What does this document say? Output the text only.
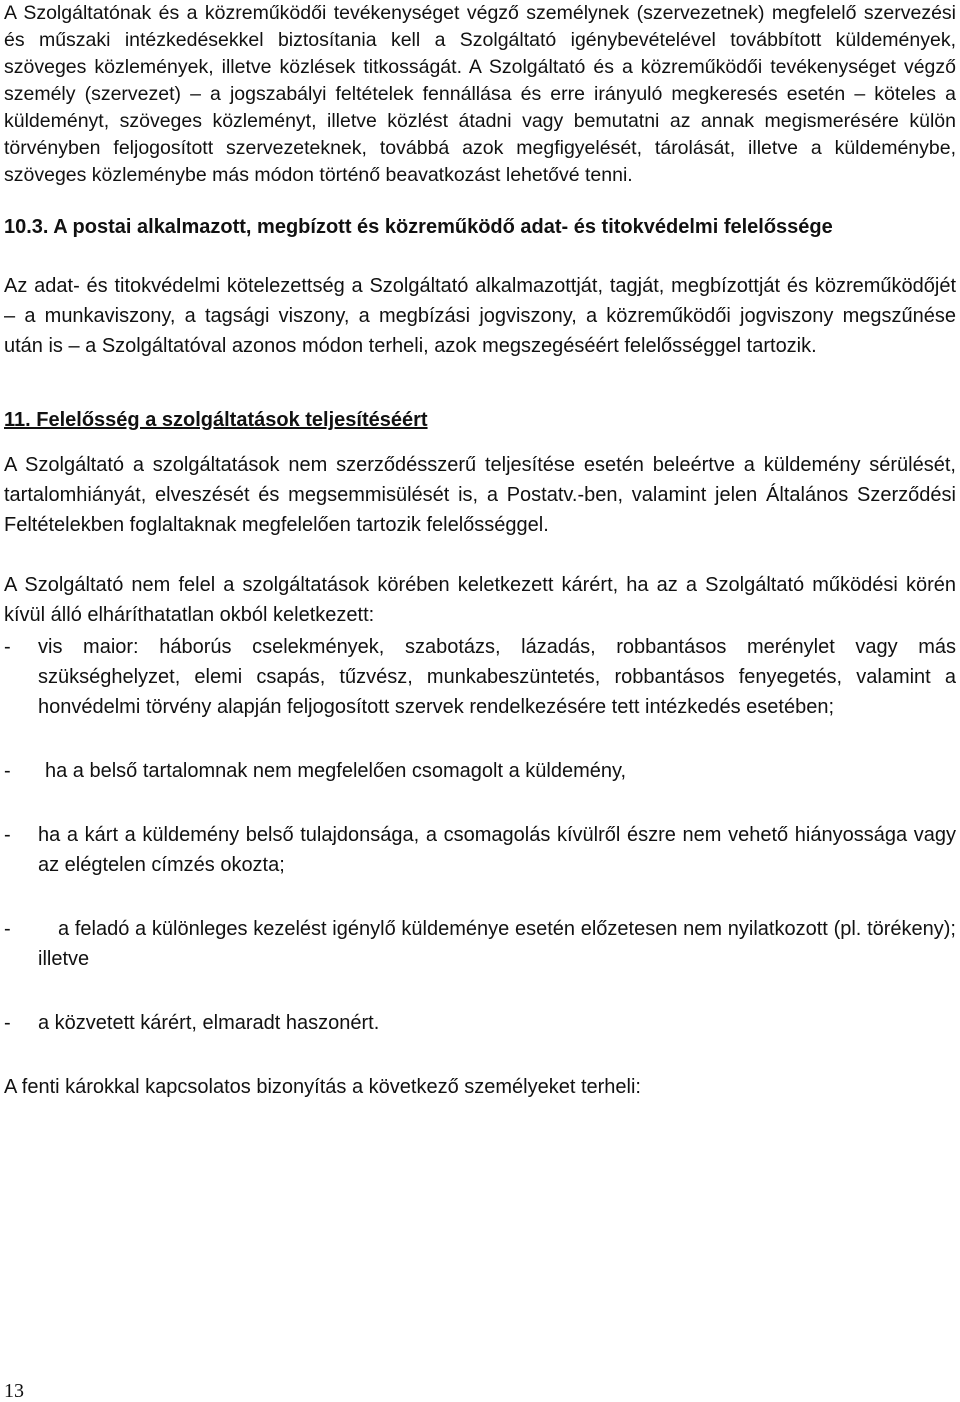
A Szolgáltatónak és a közreműködői tevékenységet végző személynek (szervezetnek) megfelelő szervezési és műszaki intézkedésekkel biztosítania kell a Szolgáltató igénybevételével továbbított küldemények, szöveges közlemények, illetve közlések titkosságát. A Szolgáltató és a közreműködői tevékenységet végző személy (szervezet) – a jogszabályi feltételek fennállása és erre irányuló megkeresés esetén – köteles a küldeményt, szöveges közleményt, illetve közlést átadni vagy bemutatni az annak megismerésére külön törvényben feljogosított szervezeteknek, továbbá azok megfigyelését, tárolását, illetve a küldeménybe, szöveges közleménybe más módon történő beavatkozást lehetővé tenni.

10.3. A postai alkalmazott, megbízott és közreműködő adat- és titokvédelmi felelőssége

Az adat- és titokvédelmi kötelezettség a Szolgáltató alkalmazottját, tagját, megbízottját és közreműködőjét – a munkaviszony, a tagsági viszony, a megbízási jogviszony, a közreműködői jogviszony megszűnése után is – a Szolgáltatóval azonos módon terheli, azok megszegéséért felelősséggel tartozik.

11. Felelősség a szolgáltatások teljesítéséért

A Szolgáltató a szolgáltatások nem szerződésszerű teljesítése esetén beleértve a küldemény sérülését, tartalomhiányát, elveszését és megsemmisülését is, a Postatv.-ben, valamint jelen Általános Szerződési Feltételekben foglaltaknak megfelelően tartozik felelősséggel.

A Szolgáltató nem felel a szolgáltatások körében keletkezett kárért, ha az a Szolgáltató működési körén kívül álló elháríthatatlan okból keletkezett:

- vis maior: háborús cselekmények, szabotázs, lázadás, robbantásos merénylet vagy más szükséghelyzet, elemi csapás, tűzvész, munkabeszüntetés, robbantásos fenyegetés, valamint a honvédelmi törvény alapján feljogosított szervek rendelkezésére tett intézkedés esetében;

- ha a belső tartalomnak nem megfelelően csomagolt a küldemény,

- ha a kárt a küldemény belső tulajdonsága, a csomagolás kívülről észre nem vehető hiányossága vagy az elégtelen címzés okozta;

- a feladó a különleges kezelést igénylő küldeménye esetén előzetesen nem nyilatkozott (pl. törékeny); illetve

- a közvetett kárért, elmaradt haszonért.

A fenti károkkal kapcsolatos bizonyítás a következő személyeket terheli:

13
